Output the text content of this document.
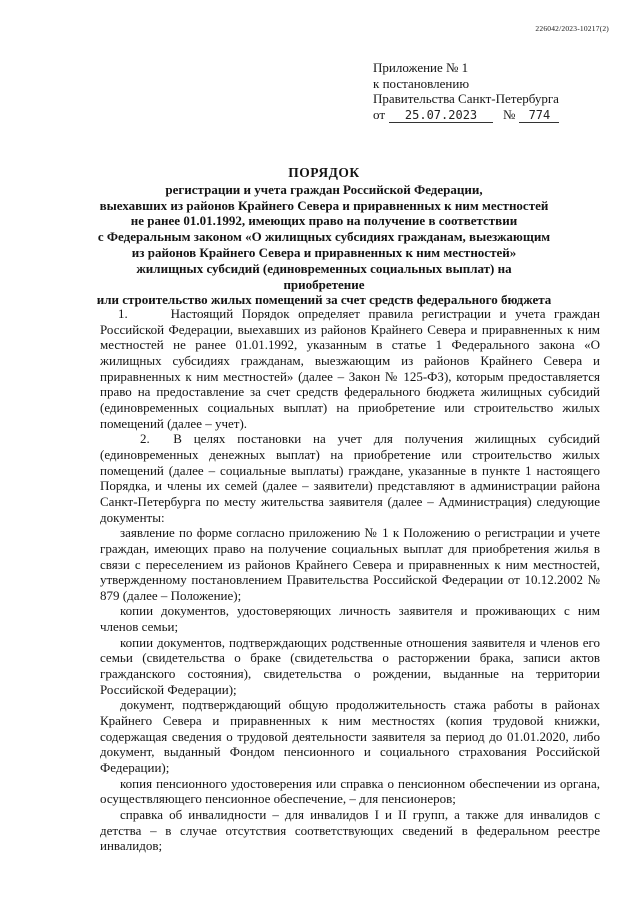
226042/2023-10217(2)
Приложение № 1
к постановлению
Правительства Санкт-Петербурга
от 25.07.2023 № 774
ПОРЯДОК
регистрации и учета граждан Российской Федерации,
выехавших из районов Крайнего Севера и приравненных к ним местностей
не ранее 01.01.1992, имеющих право на получение в соответствии
с Федеральным законом «О жилищных субсидиях гражданам, выезжающим
из районов Крайнего Севера и приравненных к ним местностей»
жилищных субсидий (единовременных социальных выплат) на приобретение
или строительство жилых помещений за счет средств федерального бюджета

1.     Настоящий Порядок определяет правила регистрации и учета граждан Российской Федерации, выехавших из районов Крайнего Севера и приравненных к ним местностей не ранее 01.01.1992, указанным в статье 1 Федерального закона «О жилищных субсидиях гражданам, выезжающим из районов Крайнего Севера и приравненных к ним местностей» (далее – Закон № 125-ФЗ), которым предоставляется право на предоставление за счет средств федерального бюджета жилищных субсидий (единовременных социальных выплат) на приобретение или строительство жилых помещений (далее – учет).

2.  В целях постановки на учет для получения жилищных субсидий (единовременных денежных выплат) на приобретение или строительство жилых помещений (далее – социальные выплаты) граждане, указанные в пункте 1 настоящего Порядка, и члены их семей (далее – заявители) представляют в администрации района Санкт-Петербурга по месту жительства заявителя (далее – Администрация) следующие документы:

заявление по форме согласно приложению № 1 к Положению о регистрации и учете граждан, имеющих право на получение социальных выплат для приобретения жилья в связи с переселением из районов Крайнего Севера и приравненных к ним местностей, утвержденному постановлением Правительства Российской Федерации от 10.12.2002 № 879 (далее – Положение);

копии документов, удостоверяющих личность заявителя и проживающих с ним членов семьи;

копии документов, подтверждающих родственные отношения заявителя и членов его семьи (свидетельства о браке (свидетельства о расторжении брака, записи актов гражданского состояния), свидетельства о рождении, выданные на территории Российской Федерации);

документ, подтверждающий общую продолжительность стажа работы в районах Крайнего Севера и приравненных к ним местностях (копия трудовой книжки, содержащая сведения о трудовой деятельности заявителя за период до 01.01.2020, либо документ, выданный Фондом пенсионного и социального страхования Российской Федерации);

копия пенсионного удостоверения или справка о пенсионном обеспечении из органа, осуществляющего пенсионное обеспечение, – для пенсионеров;

справка об инвалидности – для инвалидов I и II групп, а также для инвалидов с детства – в случае отсутствия соответствующих сведений в федеральном реестре инвалидов;
